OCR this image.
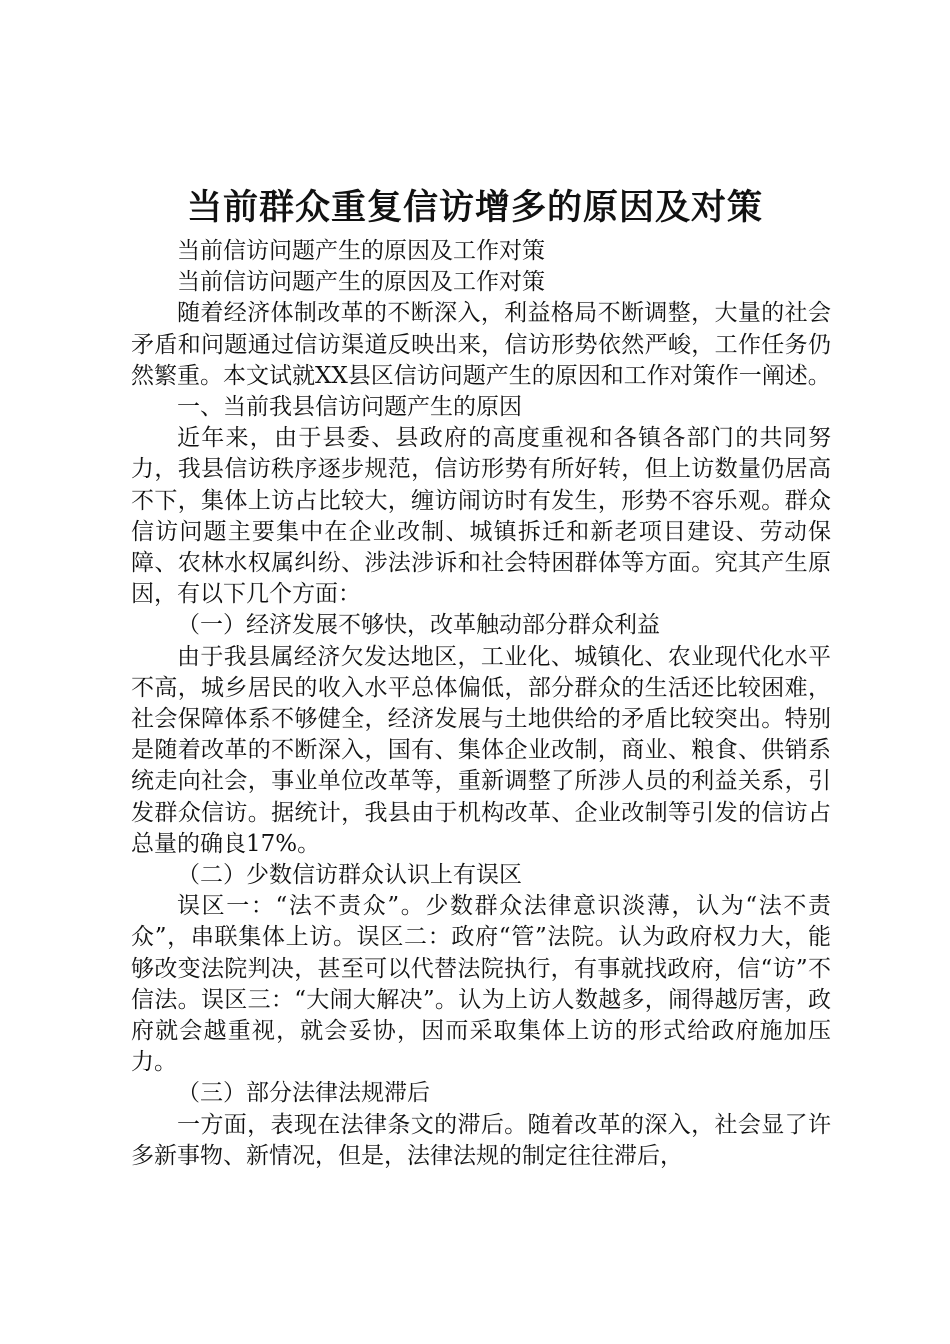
当前群众重复信访增多的原因及对策

当前信访问题产生的原因及工作对策

当前信访问题产生的原因及工作对策

随着经济体制改革的不断深入，利益格局不断调整，大量的社会矛盾和问题通过信访渠道反映出来，信访形势依然严峻，工作任务仍然繁重。本文试就XX县区信访问题产生的原因和工作对策作一阐述。

一、当前我县信访问题产生的原因

近年来，由于县委、县政府的高度重视和各镇各部门的共同努力，我县信访秩序逐步规范，信访形势有所好转，但上访数量仍居高不下，集体上访占比较大，缠访闹访时有发生，形势不容乐观。群众信访问题主要集中在企业改制、城镇拆迁和新老项目建设、劳动保障、农林水权属纠纷、涉法涉诉和社会特困群体等方面。究其产生原因，有以下几个方面：

（一）经济发展不够快，改革触动部分群众利益

由于我县属经济欠发达地区，工业化、城镇化、农业现代化水平不高，城乡居民的收入水平总体偏低，部分群众的生活还比较困难，社会保障体系不够健全，经济发展与土地供给的矛盾比较突出。特别是随着改革的不断深入，国有、集体企业改制，商业、粮食、供销系统走向社会，事业单位改革等，重新调整了所涉人员的利益关系，引发群众信访。据统计，我县由于机构改革、企业改制等引发的信访占总量的确良17%。

（二）少数信访群众认识上有误区

误区一：“法不责众”。少数群众法律意识淡薄，认为“法不责众”，串联集体上访。误区二：政府“管”法院。认为政府权力大，能够改变法院判决，甚至可以代替法院执行，有事就找政府，信“访”不信法。误区三：“大闹大解决”。认为上访人数越多，闹得越厉害，政府就会越重视，就会妥协，因而采取集体上访的形式给政府施加压力。

（三）部分法律法规滞后

一方面，表现在法律条文的滞后。随着改革的深入，社会显了许多新事物、新情况，但是，法律法规的制定往往滞后，
